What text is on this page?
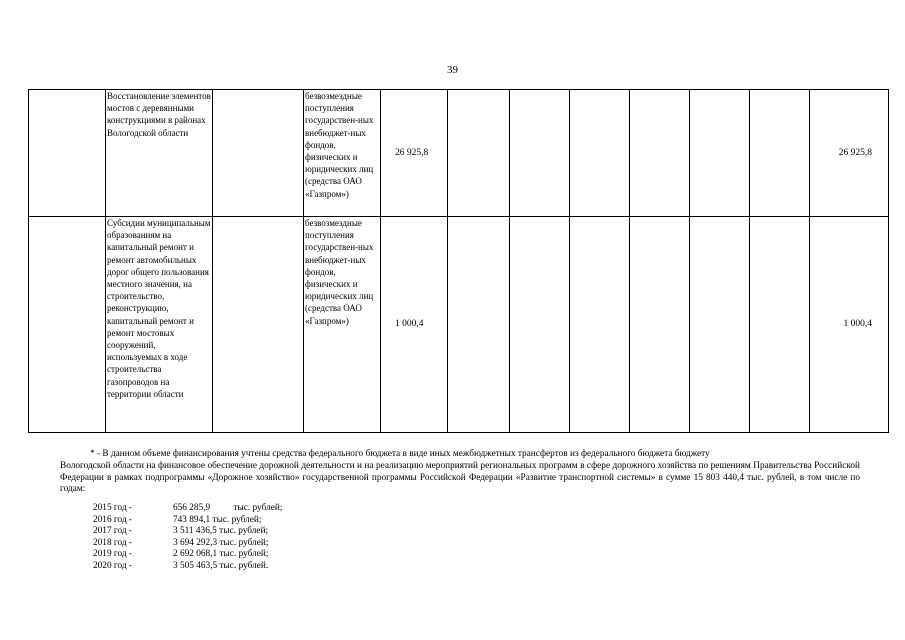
39
	Восстановление элементов мостов с деревянными конструкциями в районах Вологодской области		безвозмездные поступления государствен-ных внебюджет-ных фондов, физических и юридических лиц (средства ОАО «Газпром»)	26 925,8							26 925,8
	Субсидии муниципальным образованиям на капитальный ремонт и ремонт автомобильных дорог общего пользования местного значения, на строительство, реконструкцию, капитальный ремонт и ремонт мостовых сооружений, используемых в ходе строительства газопроводов на территории области		безвозмездные поступления государствен-ных внебюджет-ных фондов, физических и юридических лиц (средства ОАО «Газпром»)	1 000,4							1 000,4
* - В данном объеме финансирования учтены средства федерального бюджета в виде иных межбюджетных трансфертов из федерального бюджета бюджету
Вологодской области на финансовое обеспечение дорожной деятельности и на реализацию мероприятий региональных программ в сфере дорожного хозяйства по решениям Правительства Российской Федерации в рамках подпрограммы «Дорожное хозяйство» государственной программы Российской Федерации «Развитие транспортной системы» в сумме 15 803 440,4 тыс. рублей, в том числе по годам:
2015 год -	656 285,9          тыс. рублей;
2016 год -	743 894,1 тыс. рублей;
2017 год -	3 511 436,5 тыс. рублей;
2018 год -	3 694 292,3 тыс. рублей;
2019 год -	2 692 068,1 тыс. рублей;
2020 год -	3 505 463,5 тыс. рублей.
